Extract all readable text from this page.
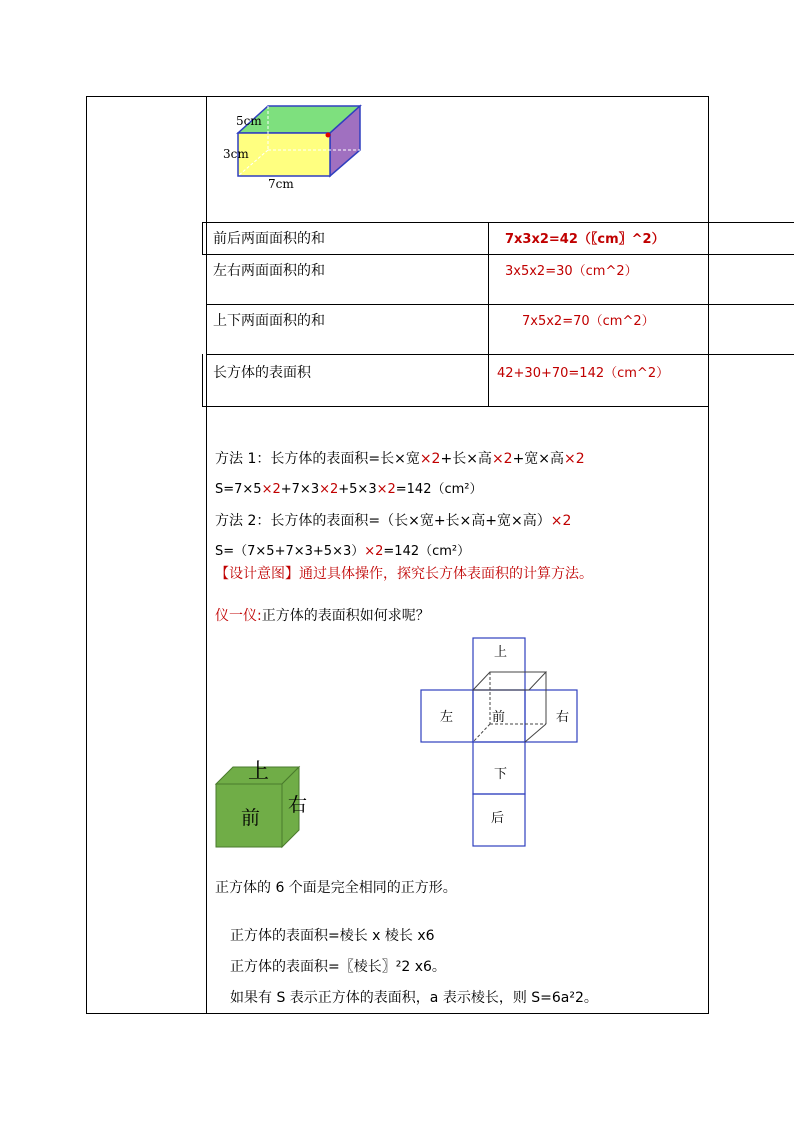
5cm
3cm
7cm
前后两面面积的和	7x3x2=42（〖cm〗^2）
左右两面面积的和	3x5x2=30（cm^2）
上下两面面积的和	7x5x2=70（cm^2）
长方体的表面积	42+30+70=142（cm^2）
方法 1：长方体的表面积=长×宽×2+长×高×2+宽×高×2
S=7×5×2+7×3×2+5×3×2=142（cm²）
方法 2：长方体的表面积=（长×宽+长×高+宽×高）×2
S=（7×5+7×3+5×3）×2=142（cm²）
【设计意图】通过具体操作，探究长方体表面积的计算方法。
仪一仪:正方体的表面积如何求呢？
上
左	前	右
下
后
上
前
右
正方体的 6 个面是完全相同的正方形。
正方体的表面积=棱长 x 棱长 x6
正方体的表面积=〖棱长〗²2 x6。
如果有 S 表示正方体的表面积，a 表示棱长，则 S=6a²2。
